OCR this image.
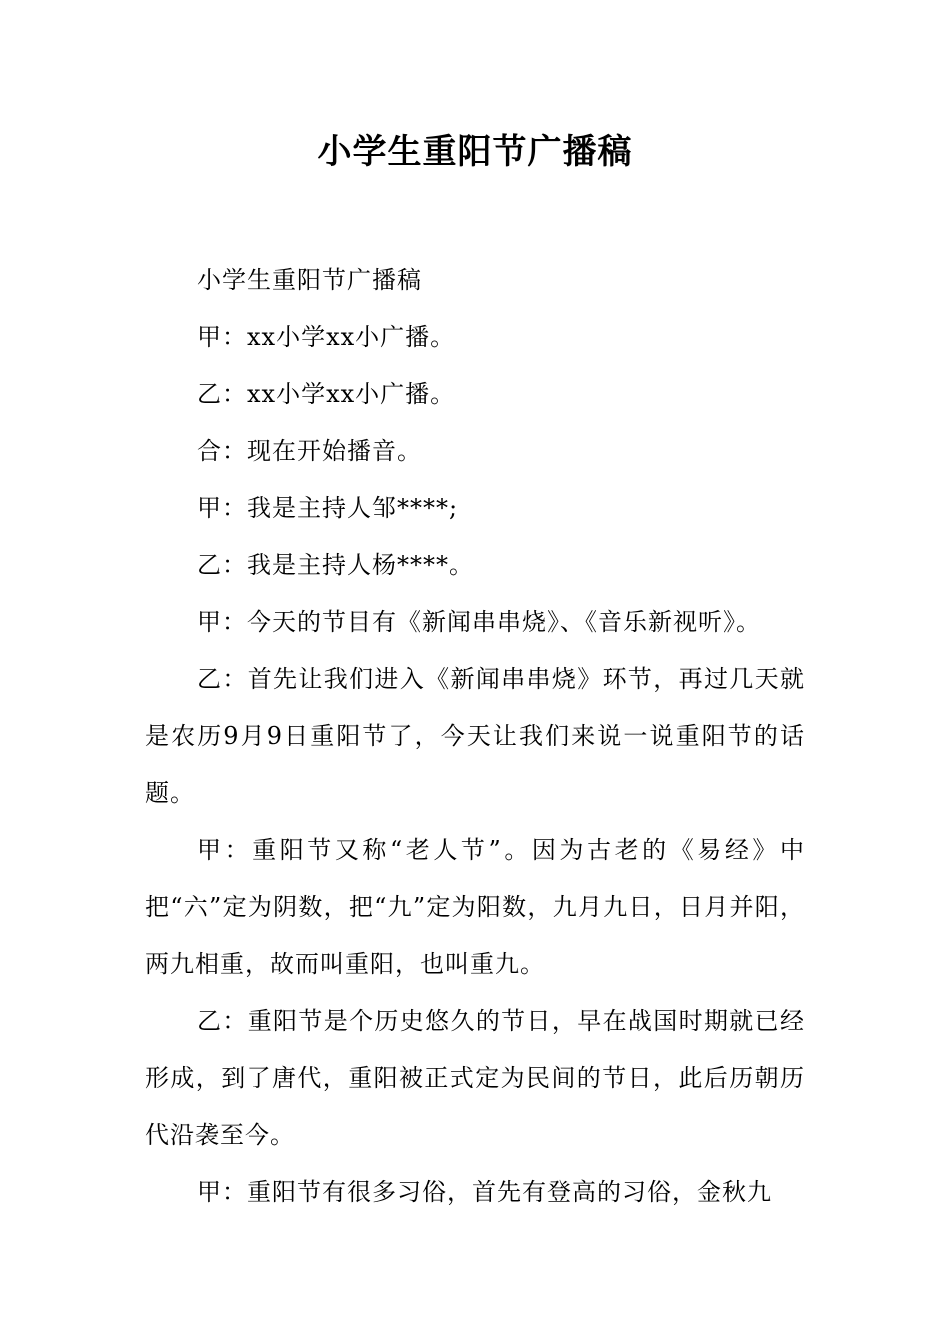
小学生重阳节广播稿

小学生重阳节广播稿

甲：xx小学xx小广播。

乙：xx小学xx小广播。

合：现在开始播音。

甲：我是主持人邹****;

乙：我是主持人杨****。

甲：今天的节目有《新闻串串烧》、《音乐新视听》。

乙：首先让我们进入《新闻串串烧》环节，再过几天就是农历9月9日重阳节了，今天让我们来说一说重阳节的话题。

甲：重阳节又称“老人节”。因为古老的《易经》中把“六”定为阴数，把“九”定为阳数，九月九日，日月并阳，两九相重，故而叫重阳，也叫重九。

乙：重阳节是个历史悠久的节日，早在战国时期就已经形成，到了唐代，重阳被正式定为民间的节日，此后历朝历代沿袭至今。

甲：重阳节有很多习俗，首先有登高的习俗，金秋九
